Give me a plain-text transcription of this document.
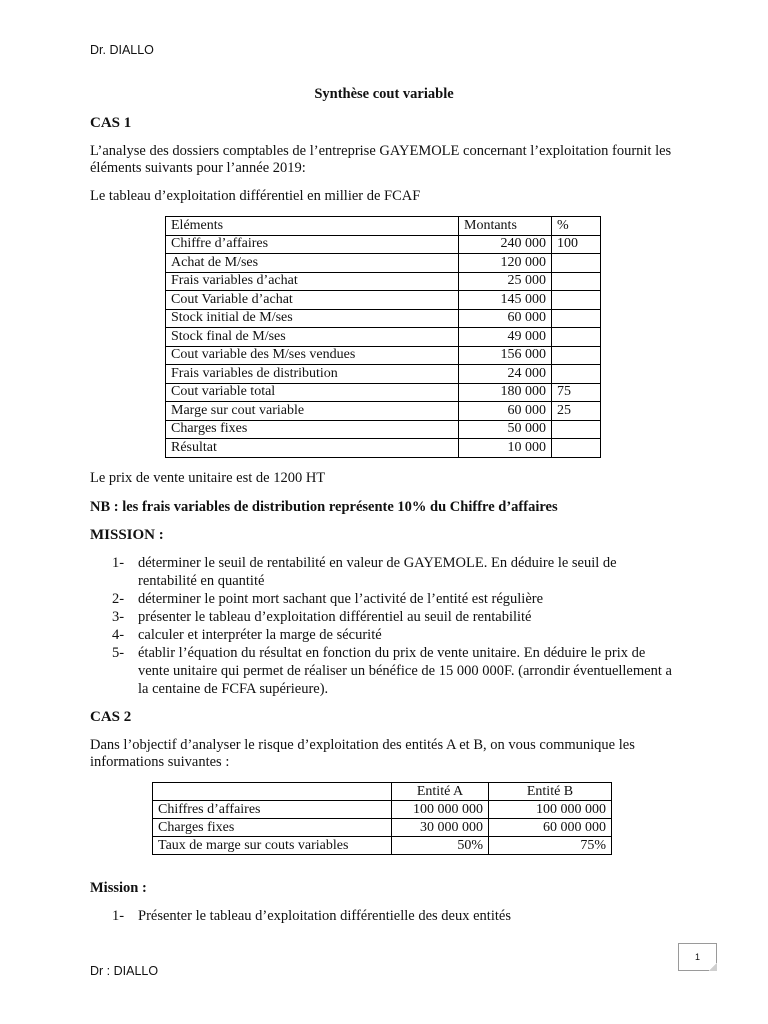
Dr. DIALLO
Synthèse cout variable
CAS 1
L’analyse des dossiers comptables de l’entreprise GAYEMOLE concernant l’exploitation fournit les éléments suivants pour l’année 2019:
Le tableau d’exploitation différentiel en millier de FCAF
Eléments	Montants	%
Chiffre d’affaires	240 000	100
Achat de M/ses	120 000	
Frais variables d’achat	25 000	
Cout Variable d’achat	145 000	
Stock initial de M/ses	60 000	
Stock final de M/ses	49 000	
Cout variable des M/ses vendues	156 000	
Frais variables de distribution	24 000	
Cout variable total	180 000	75
Marge sur cout variable	60 000	25
Charges fixes	50 000	
Résultat	10 000	
Le prix de vente unitaire est de 1200 HT
NB : les frais variables de distribution représente 10% du Chiffre d’affaires
MISSION :
1- déterminer le seuil de rentabilité en valeur de GAYEMOLE. En déduire le seuil de rentabilité en quantité
2- déterminer le point mort sachant que l’activité de l’entité est régulière
3- présenter le tableau d’exploitation différentiel au seuil de rentabilité
4- calculer et interpréter la marge de sécurité
5- établir l’équation du résultat en fonction du prix de vente unitaire. En déduire le prix de vente unitaire qui permet de réaliser un bénéfice de 15 000 000F. (arrondir éventuellement a la centaine de FCFA supérieure).
CAS 2
Dans l’objectif d’analyser le risque d’exploitation des entités A et B, on vous communique les informations suivantes :
	Entité A	Entité B
Chiffres d’affaires	100 000 000	100 000 000
Charges fixes	30 000 000	60 000 000
Taux de marge sur couts variables	50%	75%
Mission :
1- Présenter le tableau d’exploitation différentielle des deux entités
1
Dr : DIALLO
